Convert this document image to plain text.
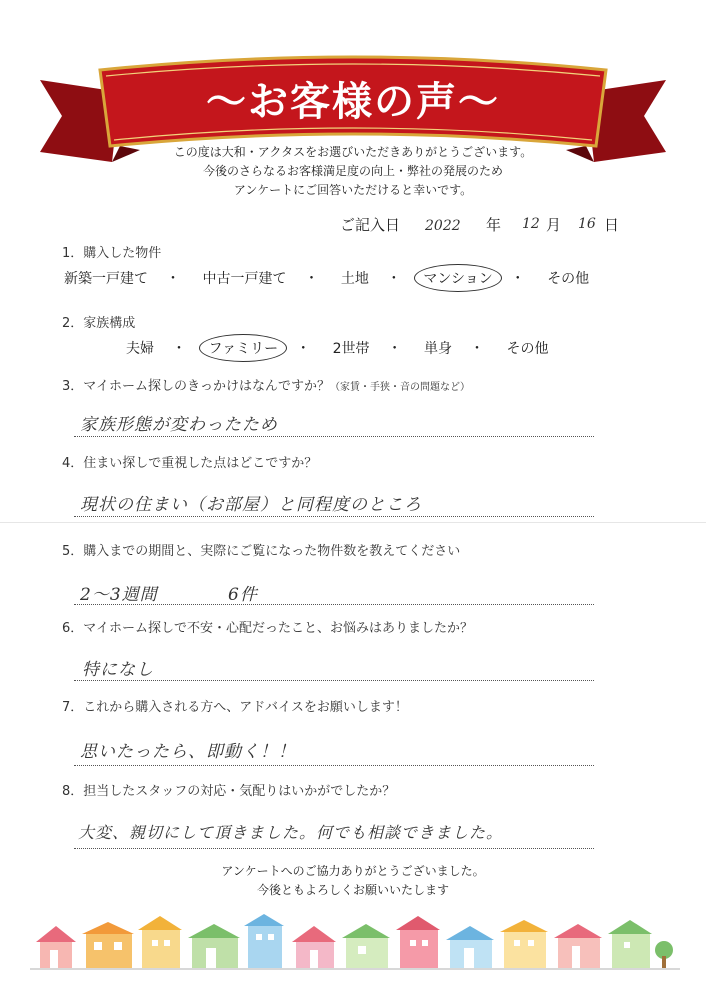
〜お客様の声〜
この度は大和・アクタスをお選びいただきありがとうございます。
今後のさらなるお客様満足度の向上・弊社の発展のため
アンケートにご回答いただけると幸いです。
ご記入日 2022 年 12 月 16 日
1．購入した物件
新築一戸建て ・ 中古一戸建て ・ 土地 ・ マンション ・ その他
2．家族構成
夫婦 ・ ファミリー ・ 2世帯 ・ 単身 ・ その他
3．マイホーム探しのきっかけはなんですか？（家賃・手狭・音の問題など）
家族形態が変わったため
4．住まい探しで重視した点はどこですか？
現状の住まい（お部屋）と同程度のところ
5．購入までの期間と、実際にご覧になった物件数を教えてください
2〜3週間	6件
6．マイホーム探しで不安・心配だったこと、お悩みはありましたか？
特になし
7．これから購入される方へ、アドバイスをお願いします！
思いたったら、即動く！！
8．担当したスタッフの対応・気配りはいかがでしたか？
大変、親切にして頂きました。何でも相談できました。
アンケートへのご協力ありがとうございました。
今後ともよろしくお願いいたします
